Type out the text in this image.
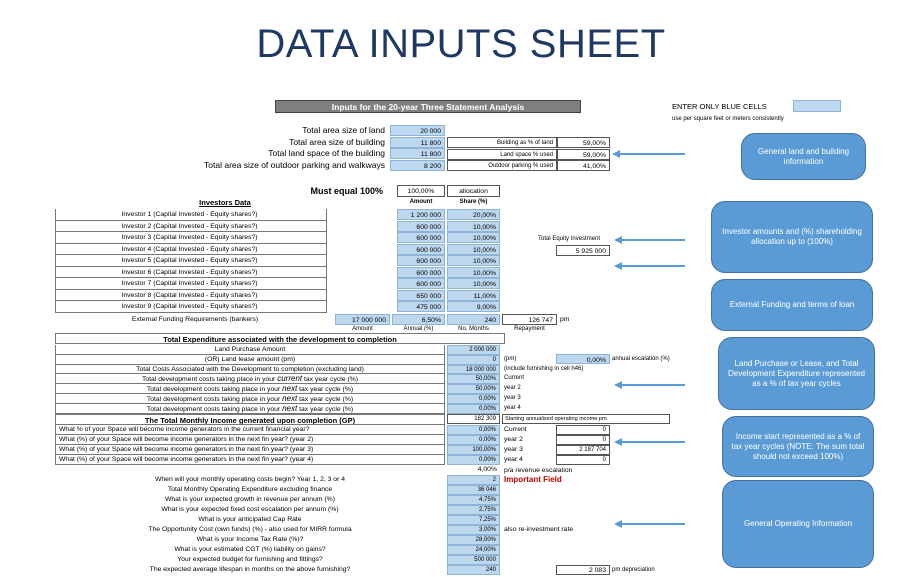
DATA INPUTS SHEET
Inputs for the 20-year Three Statement Analysis	ENTER ONLY BLUE CELLS
use per square feet or meters consistently
Total area size of land	20 000
Total area size of building	11 800
Total land space of the building	11 800
Total area size of outdoor parking and walkways	8 200
Building as % of land	59,00%
Land space % used	59,00%
Outdoor parking % used	41,00%
Must equal 100%	100,00%	allocation
Investors Data	Amount	Share (%)
Investor 1 (Capital Invested - Equity shares?)	1 200 000	20,00%
Investor 2 (Capital Invested - Equity shares?)	600 000	10,00%
Investor 3 (Capital Invested - Equity shares?)	600 000	10,00%
Investor 4 (Capital Invested - Equity shares?)	600 000	10,00%
Investor 5 (Capital Invested - Equity shares?)	600 000	10,00%
Investor 6 (Capital Invested - Equity shares?)	600 000	10,00%
Investor 7 (Capital Invested - Equity shares?)	600 000	10,00%
Investor 8 (Capital Invested - Equity shares?)	650 000	11,00%
Investor 9 (Capital Invested - Equity shares?)	475 000	9,00%
Total Equity Investment
5 925 000
External Funding Requirements (bankers)	17 000 000	6,50%	240	126 747	pm
Amount	Annual (%)	No. Months	Repayment
Total Expenditure associated with the development to completion
Land Purchase Amount	2 000 000
(OR) Land lease amount (pm)	0	(pm)
Total Costs Associated with the Development to completion (excluding land)	18 000 000	(include furnishing in cell h46)
Total development costs taking place in your current tax year cycle (%)	50,00%	Current
Total development costs taking place in your next tax year cycle (%)	50,00%	year 2
Total development costs taking place in your next tax year cycle (%)	0,00%	year 3
Total development costs taking place in your next tax year cycle (%)	0,00%	year 4
0,00%	annual escalation (%)
The Total Monthly Income generated upon completion (GP)	182 309	Starting annualised operating income pm
What % of your Space will become income generators in the current financial year?	0,00%	Current	0
What (%) of your Space will become income generators in the next fin year? (year 2)	0,00%	year 2	0
What (%) of your Space will become income generators in the next fin year? (year 3)	100,00%	year 3	2 187 704
What (%) of your Space will become income generators in the next fin year? (year 4)	0,00%	year 4	0
4,00%	p/a revenue escalation
When will your monthly operating costs begin? Year 1, 2, 3 or 4	2	Important Field
Total Monthly Operating Expenditure excluding finance	36 046
What is your expected growth in revenue per annum (%)	4,75%
What is your expected fixed cost escalation per annum (%)	2,75%
What is your anticipated Cap Rate	7,25%
The Opportunity Cost (own funds) (%) - also used for MIRR formula	3,00%	also re-investment rate
What is your Income Tax Rate (%)?	28,00%
What is your estimated CGT (%) liability on gains?	24,00%
Your expected budget for furnishing and fittings?	500 000
The expected average lifespan in months on the above furnishing?	240	2 083	pm depreciation
General land and building information
Investor amounts and (%) shareholding allocation up to (100%)
External Funding and terms of loan
Land Purchase or Lease, and Total Development Expenditure represented as a % of tax year cycles
Income start represented as a % of tax year cycles (NOTE: The sum total should not exceed 100%)
General Operating Information
